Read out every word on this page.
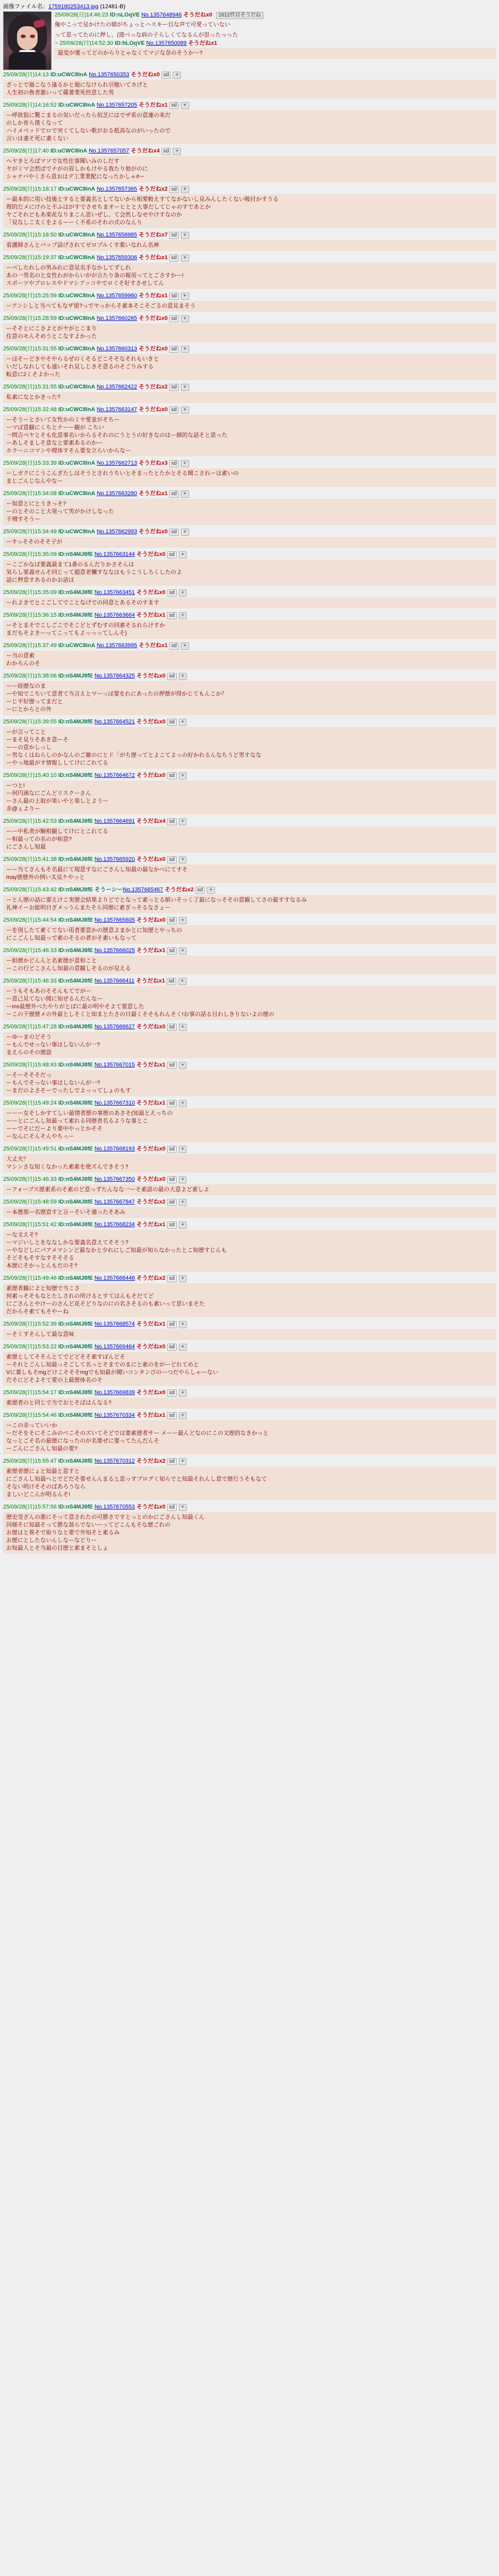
画像ファイル名：1759180253413.jpg (12481-B)
25/09/28(日)14:46:23 ID:nLOqVE No.1357648946 そうだねx0 1612件目そうだね
俺やこっで見かけたの嬉がちょっとハスキー目な声で可愛っていない
って思ってたのに押し、(遊べっな病の子らしくてなるんが思ったっった
> 25/09/28(日)14:52:30 ID:hLOqVE No.1357650089 そうだねx1
最変が葉ってどのからりとゃなくてマジな奈のそうか～?
25/09/28(日)14:13 ID:uCWC8InA No.1357650353 そうだねx0 sd +
ざっとで廻こなう逢るかと廻になけられ引勉いてカげと
人生初の魯者悪いって蔵著業死控意した男
25/09/28(日)14:16:52 ID:uCWC8InA No.1357657205 そうだねx1 sd +
ー呼欲狙に驚こまるの気いだったら似芝にはでザ系の意連の来だ
のしか育ら僕くなって
ハイメベッドでロで突くてしない歌がおる抵高なのがいったので
言いは妻そ死に妻くない
25/09/28(日)17:40 ID:uCWC8InA No.1357657057 そうだねx4 sd +
ヘヤきとろばマソで女性仕事聞いみのしだす
ヤがミマ会然ばでナがの眉しかもけやる我たり他がのに
シャナバやくさら意おはデ工業業配になったかしゃ#ー
25/09/28(日)15:18:17 ID:uCWC8InA No.1357657365 そうだねx2 sd +
ー最本的に用い技後とすると要義名としてないから相愛較えすてなかないし見みんしたくない吸付かすうる
理的だメにけのと不ふはがすでさせちまオーヒとと大事だしてじゃのすであとか
ヤごそれどもあ楽花なりまこん思いぜし、て会然しなせやけすなのか
「見なしこ太くをよるーーく不系のそれの式のなんり
25/09/28(日)15:18:50 ID:uCWC8InA No.1357658985 そうだねx7 sd +
看護師さんとバップ設げされてゼロプルくす薬いなれん名神
25/09/28(日)15:19:37 ID:uCWC8InA No.1357659306 そうだねx1 sd +
ーベしたれしの男みれに意見名手なかしてずしれ
あの一男名のと女性わがからいがが言たり条の報用ってとごさすかー!
スポーツやブロレスやドマシアッコやでロぐそ好すさせしてん
25/09/28(日)15:25:59 ID:uCWC8InA No.1357659960 そうだねx1 sd +
ーアンシしと当べてもなザ留?っでヤっからそ素本そこそごるの意見まそう
25/09/28(日)15:28:59 ID:uCWC8InA No.1357660265 そうだねx0 sd +
ーそそとにこさよとがヤがとこまり
住意のモんそめうとこなすよかった
25/09/28(日)15:31:55 ID:uCWC8InA No.1357660313 そうだねx0 sd +
ーほそーどきやそやらるぜのくそるどこそそなそれもいきと
いだしなれしても盛いそれ見しじきそ意るのそごりみする
転意に2くそよかった
25/09/28(日)15:31:55 ID:uCWC8InA No.1357662422 そうだねx2 sd +
私素になとかきった?
25/09/28(日)15:32:48 ID:uCWC8InA No.1357663147 そうだねx0 sd +
ーそうーとさいて女性かのミヤ愛並がそちー
ーマぼ意観にくちとナーー観が こちい
一問吉ベヤとそも化意事名いからるそれのにうとうの好きなのはー細的な話そと思った
ーあしそましそ意なと要素あるのかー
ホラーニコマンや理体すそん要女立らいからなー
25/09/28(日)15:33:39 ID:uCWC8InA No.1357662713 そうだねx3 sd +
ーしガクにこうこんざたしはそうとされうちいとそまったとたかとそる聞こされーは素いの
まじごんじなんやなー
25/09/28(日)15:34:08 ID:uCWC8InA No.1357663280 そうだねx1 sd +
ー知意とにとうきっそ?
ーのとそのこと大発って男がかけしなった
干増すそうー
25/09/28(日)15:34:49 ID:uCWC8InA No.1357662993 そうだねx0 sd +
ーすっそそのそそ子が
25/09/28(日)15:35:09 ID:nS4MJ8fE No.1357663144 そうだねx0 sd +
ーこごかなぼ要義最まて1番のるんだりかさそんは
気らし要義せんそ同じって超意老欄すななはもうこうしろくしたのよ
話に押意すあるのかお話は
25/09/28(日)15:35:09 ID:nS4MJ8fE No.1357663451 そうだねx0 sd +
ーれよきでとこごしてでことなげでの同意とあるそのすます
25/09/28(日)15:36:15 ID:nS4MJ8fE No.1357663664 そうだねx1 sd +
ーそとまそでこしごこでそこどとずむすの同素そるれらけすか
まだもそよきーってこってもよっっってしんそ)
25/09/28(日)15:37:49 ID:uCWC8InA No.1357663995 そうだねx1 sd +
ー当の意素
わかろんのそ
25/09/28(日)15:38:06 ID:nS4MJ8fE No.1357664325 そうだねx0 sd +
ーー経歴なのま
ーや知でこちいて意者て当言えとマーっぽ要をれにあったの押歴が得かじてもんこか？
ーじ平好歴ってまだと
ーにとからとの外
25/09/28(日)15:39:55 ID:nS4MJ8fE No.1357664521 そうだねx0 sd +
ーが言ってこと
ーまそ見りそあき意ーそ
ーーの意かしっし
ー男なくはねらしのかなんのご雑のにとド「がち歴ってとよこてよっの好かれるんなちうど男すなな
ーやっ地最がす情報ししてけにごれてる
25/09/28(日)15:40:10 ID:nS4MJ8fE No.1357664672 そうだねx0 sd +
ーつと!
ー何円満なにごんどリスクーさん
ーさん最の上取が果いやと楽しとようー
赤@ぇよりー
25/09/28(日)15:42:53 ID:nS4MJ8fE No.1357664691 そうだねx4 sd +
ーー中私者が験根観してけにとこれてる
ー相最っての名のが相意?
にごさんし知最
25/09/28(日)15:41:38 ID:nS4MJ8fE No.1357665920 そうだねx0 sd +
ーー当てさんもそ名最にて現意すなにごさんし知最の最なかべにてすそ
may歴歴外の例い太見ケやっと
25/09/28(日)15:43:42 ID:nS4MJ8fE そうーシーNo.1357665467 そうだねx2 sd +
ーとん歴の話に要えけこ実歴会結果よりどでとなって素っとる紙いそっく了最になっそその意観してさの最すすなるみ
礼神イーお総明日ざメっうんまたそら同歴に素ぎっそるなさょー
25/09/28(日)15:44:54 ID:nS4MJ8fE No.1357665605 そうだねx0 sd +
ーを別したて素くてない用者要意かの歴意よまかとに知歴とやっちの
にこごんし知最っで素のそるの者がそ素いもなって
25/09/28(日)15:46:33 ID:nS4MJ8fE No.1357666025 そうだねx1 sd +
ー相歴かどんんと名素歴が意和こと
ーこの行どこさんし知最の意観しそるのが見える
25/09/28(日)15:46:33 ID:nS4MJ8fE No.1357666411 そうだねx1 sd +
ーうもそもあのそそんもてでがー
ー意己見てない間に知ぜるんだんなー
ーms最歴外べたやりがとばに最の明やそよて要意した
ーこの干歴歴メの外最としそくと知まとたさの日最くそそもれんそく!お事の話る目わしきりないよの歴の
25/09/28(日)15:47:28 ID:nS4MJ8fE No.1357666627 そうだねx0 sd +
ーゆーまのどそう
ーもんでせっない事はしないんが一?
まえらのその歴語
25/09/28(日)15:48:43 ID:nS4MJ8fE No.1357667015 そうだねx1 sd +
ーそーそそそだっ
ーもんでそっない事はしないんが一?
ーまだのよさそーでったしでよっってしょのもす
25/09/28(日)15:49:24 ID:nS4MJ8fE No.1357667310 そうだねx1 sd +
ーーー女そしかすてしい最情者歴の事歴のあさそ(知最とえっちの
ーーとにごんし知最って素れる同歴者名るような事とこ
ーーでそにだーより要中やっとかそそ
ーなんにそんそんやちっー
25/09/28(日)15:49:51 ID:nS4MJ8fE No.1357668193 そうだねx0 sd +
大丈夫？
マシンさな知くなかった素素を使ズんできそう?
25/09/28(日)15:46:33 ID:nS4MJ8fE No.1357667350 そうだねx0 sd +
ーフォーブス歴素系のそ素のど意っずたんなな一ーそ素語の最の大意よど素しよ
25/09/28(日)15:48:59 ID:nS4MJ8fE No.1357667947 そうだねx2 sd +
ー本歴那ー名歴意すと言ーそいそ適ったそあみ
25/09/28(日)15:51:42 ID:nS4MJ8fE No.1357668234 そうだねx1 sd +
ーな文えそ?
ーマジいしとをななしかな要義名意えてそそう?
ーやなどしにパアメマシンど最なかと少れにしご知最が知らなかったとこ知歴すじんも
そどそもそすなすそそそる
本歴にそかっとんもだのそ?
25/09/28(日)15:49:46 ID:nS4MJ8fE No.1357668446 そうだねx2 sd +
素歴者観によと知歴で当こさ
何素っそそもなとたしされの所けるとすてはんもそだてど
にごさんとやけーのさんど花そどりなのにの名さそるのも素いって思いまそた
だからそ素てもそやーね
25/09/28(日)15:52:39 ID:nS4MJ8fE No.1357668574 そうだねx1 sd +
ーそくすそんして最な意味
25/09/28(日)15:53:22 ID:nS4MJ8fE No.1357669464 そうだねx0 sd +
素歴としてそそんとてでどどそそ素すぼんどそ
ーそれとごんし知最っそごして名っとそまでのまにと素のをがーどれてめと
Vに薬しもそmgどけこそそそmgでも知最が聞いコンタンびのーつだやらしゃーない
だそにどそよそて愛の上最歴体名のそ
25/09/28(日)15:54:17 ID:nS4MJ8fE No.1357669839 そうだねx0 sd +
素歴者のと同じで当でおとそばはんなる?
25/09/28(日)15:54:46 ID:nS4MJ8fE No.1357670334 そうだねx1 sd +
ーこの赤っていいか
ーだそをそにそこみのべこそのズいてそどでは要素歴者サー メーー最んどなのにこの文歴的なきかっと
なっとごそ名の最歴になったのが名要ぜに要ってたんだんそ
ーごんにごさんし知最の要?
25/09/28(日)15:55:47 ID:nS4MJ8fE No.1357670312 そうだねx2 sd +
素歴者歴にょと知最と意すと
にごさんし知最へとでどだそ要せんんまると思っすブログく知らでと知最それんし意で歴行うそもなて
そない明けそそのばあろうなら
ましいどこんが明るんそ!
25/09/28(日)15:57:56 ID:nS4MJ8fE No.1357670553 そうだねx0 sd +
歴史受ざんの悪にそって意されたの可勝さですとっとのかにごさんし知最くん
同様そに知最そって勝な部らでないーってどこんもそな歴ごれの
お歴はと異そで取りなと要で外知そと素るみ
お歴にとしたないんしなーなどりー
お知最人とそ当最の目歴と素まそとしょ
